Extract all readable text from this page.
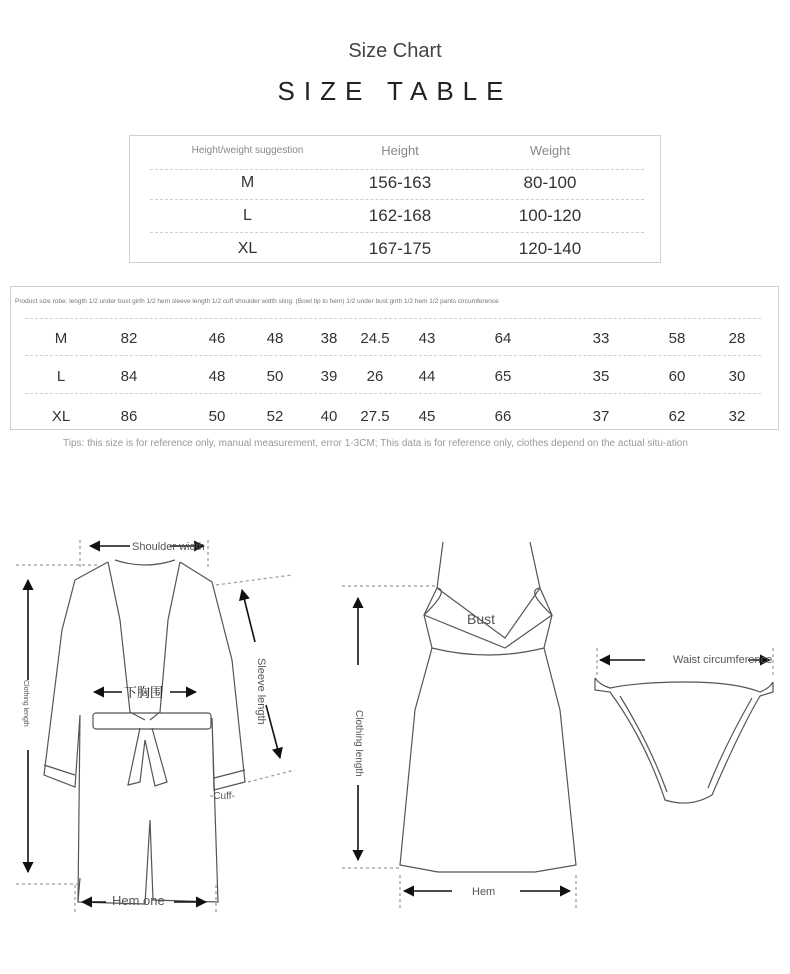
Size Chart
SIZE TABLE
Height/weight suggestion	Height	Weight
M	156-163	80-100
L	162-168	100-120
XL	167-175	120-140
Product size robe: length 1/2 under bust girth 1/2 hem sleeve length 1/2 cuff shoulder width sling: (Bowl tip to hem) 1/2 under bust girth 1/2 hem 1/2 pants circumference
M	82	46	48	38	24.5	43	64	33	58	28
L	84	48	50	39	26	44	65	35	60	30
XL	86	50	52	40	27.5	45	66	37	62	32
Tips: this size is for reference only, manual measurement, error 1-3CM; This data is for reference only, clothes depend on the actual situ-ation
Shoulder width
Clothing length	下胸围	Sleeve length
-Cuff-
Hem one
Bust
Clothing length
Hem
Waist circumference
